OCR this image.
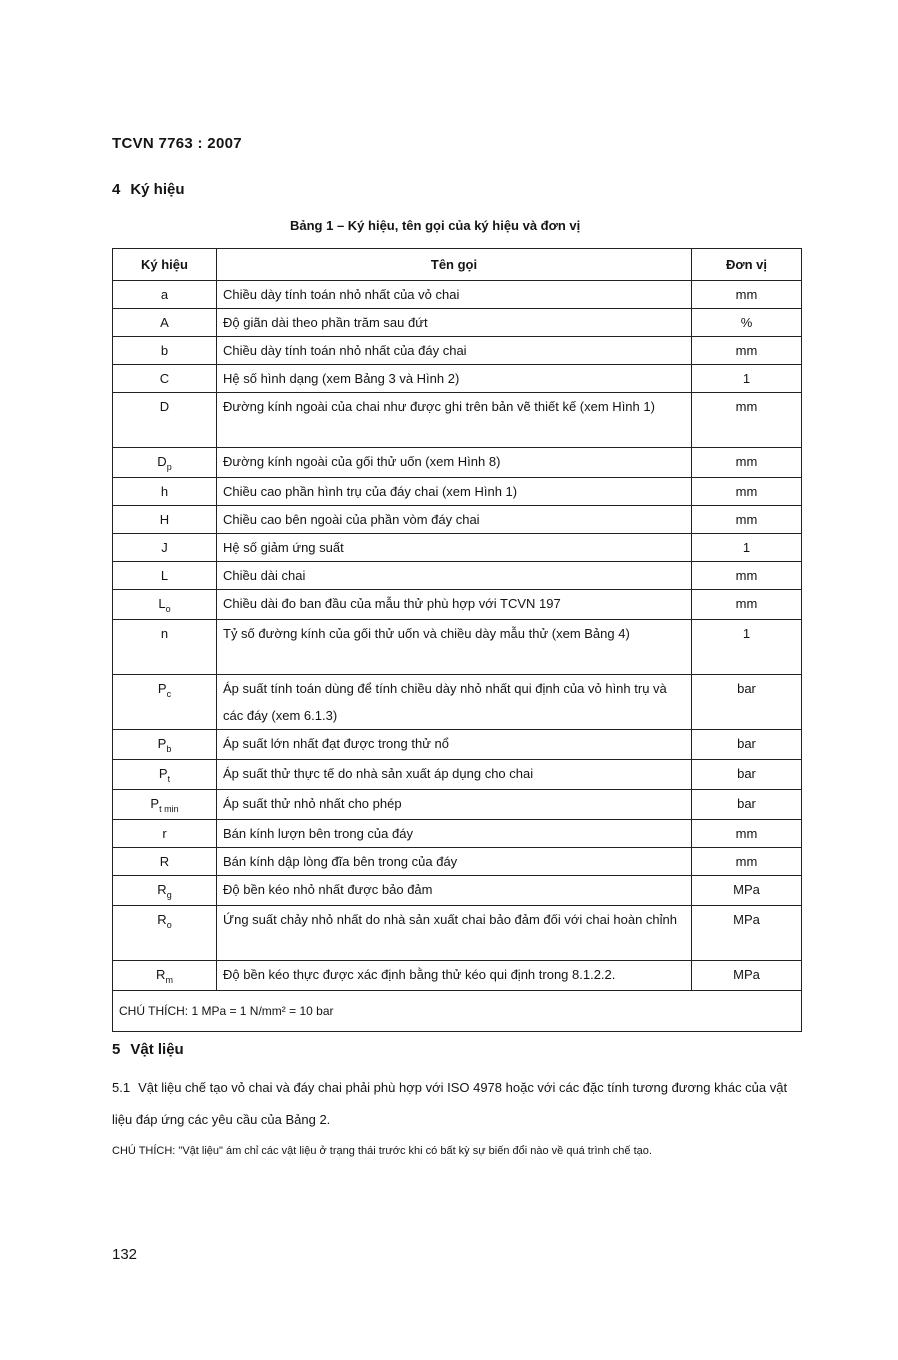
TCVN 7763 : 2007
4 Ký hiệu
Bảng 1 – Ký hiệu, tên gọi của ký hiệu và đơn vị
Ký hiệu	Tên gọi	Đơn vị
a	Chiều dày tính toán nhỏ nhất của vỏ chai	mm
A	Độ giãn dài theo phần trăm sau đứt	%
b	Chiều dày tính toán nhỏ nhất của đáy chai	mm
C	Hệ số hình dạng (xem Bảng 3 và Hình 2)	1
D	Đường kính ngoài của chai như được ghi trên bản vẽ thiết kế (xem Hình 1)	mm
$D_p$	Đường kính ngoài của gối thử uốn (xem Hình 8)	mm
h	Chiều cao phần hình trụ của đáy chai (xem Hình 1)	mm
H	Chiều cao bên ngoài của phần vòm đáy chai	mm
J	Hệ số giảm ứng suất	1
L	Chiều dài chai	mm
$L_o$	Chiều dài đo ban đầu của mẫu thử phù hợp với TCVN 197	mm
n	Tỷ số đường kính của gối thử uốn và chiều dày mẫu thử (xem Bảng 4)	1
$P_c$	Áp suất tính toán dùng để tính chiều dày nhỏ nhất qui định của vỏ hình trụ và các đáy (xem 6.1.3)	bar
$P_b$	Áp suất lớn nhất đạt được trong thử nổ	bar
$P_t$	Áp suất thử thực tế do nhà sản xuất áp dụng cho chai	bar
$P_{t min}$	Áp suất thử nhỏ nhất cho phép	bar
r	Bán kính lượn bên trong của đáy	mm
R	Bán kính dập lòng đĩa bên trong của đáy	mm
$R_g$	Độ bền kéo nhỏ nhất được bảo đảm	MPa
$R_o$	Ứng suất chảy nhỏ nhất do nhà sản xuất chai bảo đảm đối với chai hoàn chỉnh	MPa
$R_m$	Độ bền kéo thực được xác định bằng thử kéo qui định trong 8.1.2.2.	MPa
CHÚ THÍCH: 1 MPa = 1 N/mm² = 10 bar		
5 Vật liệu
5.1 Vật liệu chế tạo vỏ chai và đáy chai phải phù hợp với ISO 4978 hoặc với các đặc tính tương đương khác của vật liệu đáp ứng các yêu cầu của Bảng 2.
CHÚ THÍCH: "Vật liệu" ám chỉ các vật liệu ở trạng thái trước khi có bất kỳ sự biến đổi nào về quá trình chế tạo.
132
